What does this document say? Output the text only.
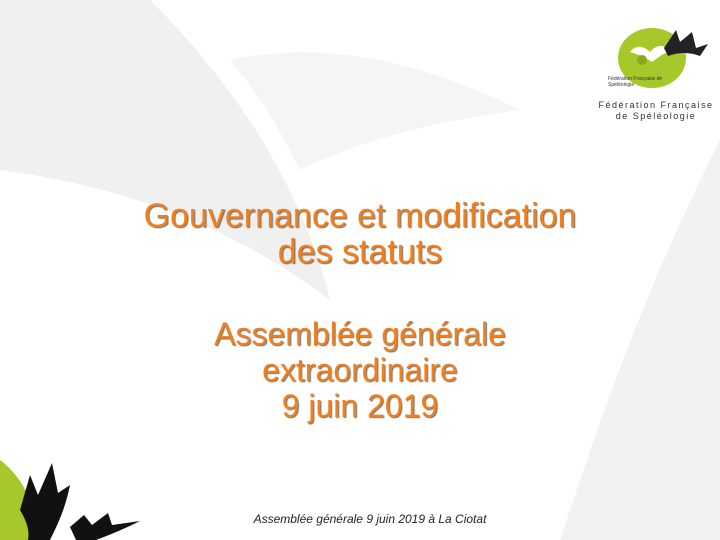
Fédération Française de Spéléologie
Fédération Française
de Spéléologie
Gouvernance et modification
des statuts
Assemblée générale
extraordinaire
9 juin 2019
Assemblée générale 9 juin 2019 à La Ciotat
